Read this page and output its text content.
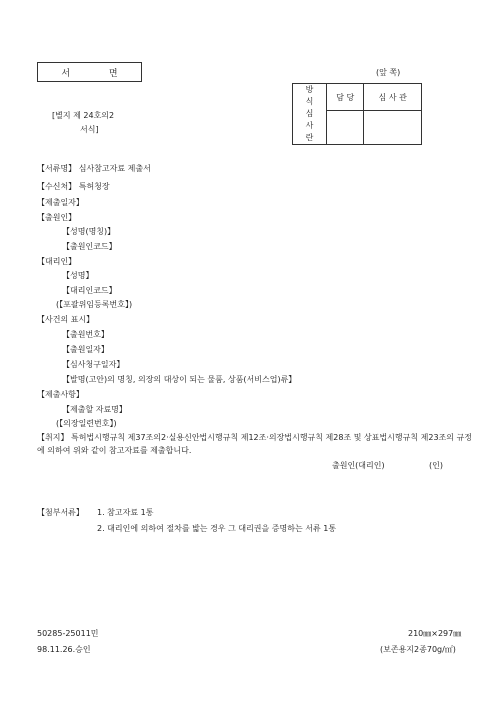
서 면	(앞 쪽)
[별지 제 24호의2
서식]
방
식
심
사
란	담 당	심 사 관

【서류명】 심사참고자료 제출서
【수신처】 특허청장
【제출일자】
【출원인】
【성명(명칭)】
【출원인코드】
【대리인】
【성명】
【대리인코드】
(【포괄위임등록번호】)
【사건의 표시】
【출원번호】
【출원일자】
【심사청구일자】
【발명(고안)의 명칭, 의장의 대상이 되는 물품, 상품(서비스업)류】
【제출사항】
【제출할 자료명】
(【의장일련번호】)
【취지】 특허법시행규칙 제37조의2·실용신안법시행규칙 제12조·의장법시행규칙 제28조 및 상표법시행규칙 제23조의 규정에 의하여 위와 같이 참고자료를 제출합니다.
출원인(대리인)	(인)
【첨부서류】 1. 참고자료 1통
2. 대리인에 의하여 절차를 밟는 경우 그 대리권을 증명하는 서류 1통
50285-25011민
98.11.26.승인
210㎜×297㎜
(보존용지2종70g/㎡)
